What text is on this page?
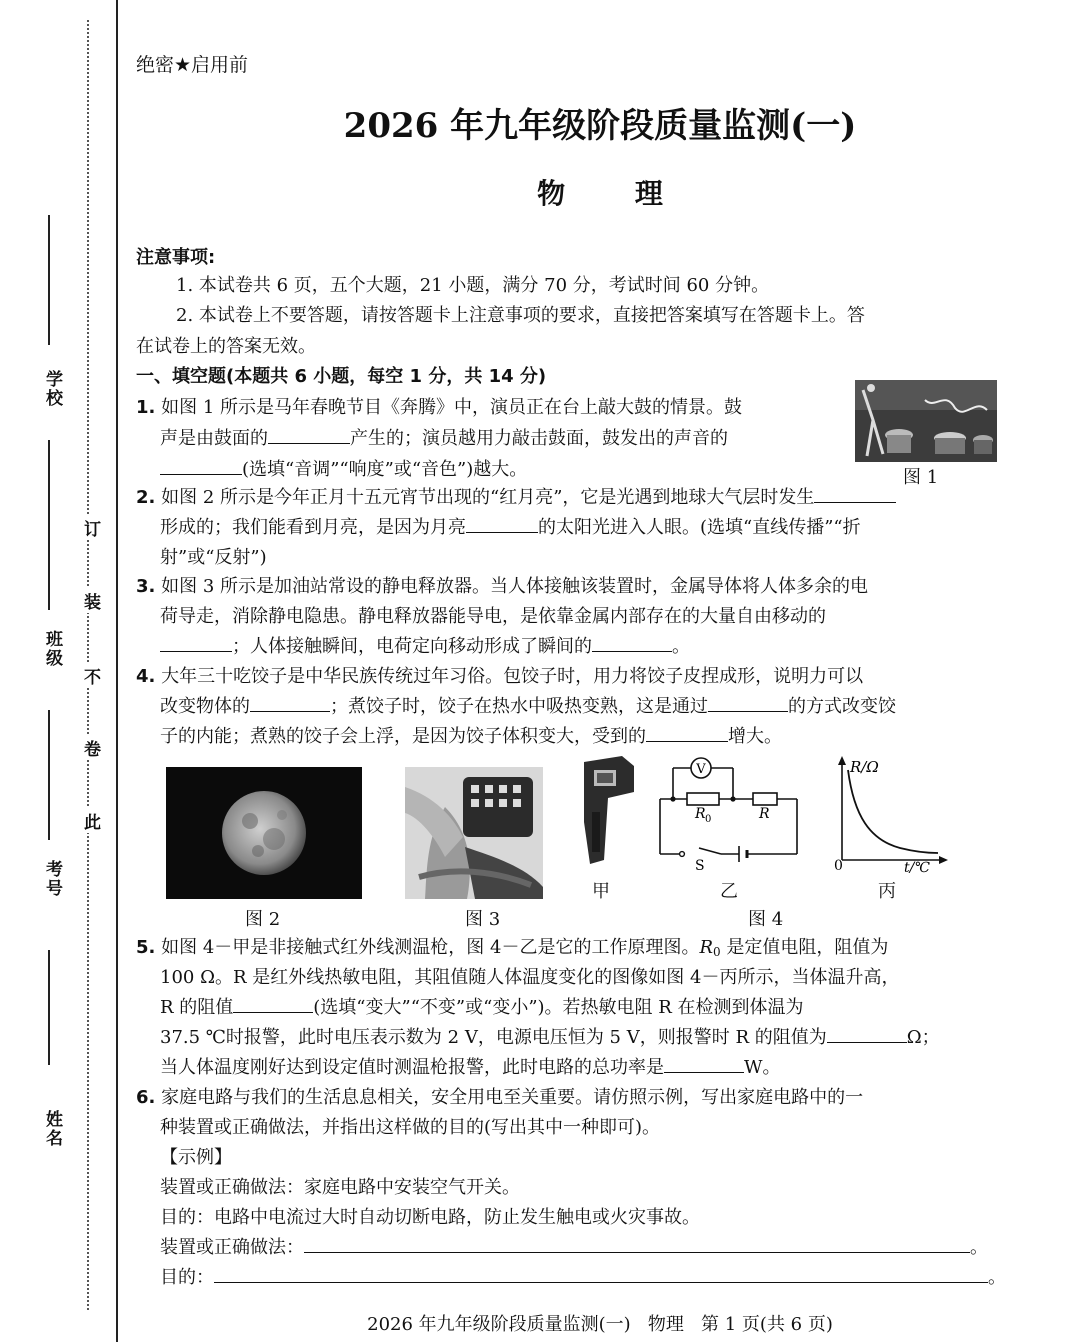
学校
班级
考号
姓名
订
装
不
卷
此
绝密★启用前
2026 年九年级阶段质量监测(一)
物 理
注意事项:
1. 本试卷共 6 页，五个大题，21 小题，满分 70 分，考试时间 60 分钟。
2. 本试卷上不要答题，请按答题卡上注意事项的要求，直接把答案填写在答题卡上。答
在试卷上的答案无效。
一、填空题(本题共 6 小题，每空 1 分，共 14 分)
1. 如图 1 所示是马年春晚节目《奔腾》中，演员正在台上敲大鼓的情景。鼓
声是由鼓面的	产生的；演员越用力敲击鼓面，鼓发出的声音的
(选填“音调”“响度”或“音色”)越大。	图 1
2. 如图 2 所示是今年正月十五元宵节出现的“红月亮”，它是光遇到地球大气层时发生
形成的；我们能看到月亮，是因为月亮	的太阳光进入人眼。(选填“直线传播”“折
射”或“反射”)
3. 如图 3 所示是加油站常设的静电释放器。当人体接触该装置时，金属导体将人体多余的电
荷导走，消除静电隐患。静电释放器能导电，是依靠金属内部存在的大量自由移动的
；人体接触瞬间，电荷定向移动形成了瞬间的	。
4. 大年三十吃饺子是中华民族传统过年习俗。包饺子时，用力将饺子皮捏成形，说明力可以
改变物体的	；煮饺子时，饺子在热水中吸热变熟，这是通过	的方式改变饺
子的内能；煮熟的饺子会上浮，是因为饺子体积变大，受到的	增大。
图 2	图 3
甲
V
R 0	R
S
乙
R/Ω
0	t/℃
丙
图 4
5. 如图 4－甲是非接触式红外线测温枪，图 4－乙是它的工作原理图。$R_0$ 是定值电阻，阻值为
100 Ω。R 是红外线热敏电阻，其阻值随人体温度变化的图像如图 4－丙所示，当体温升高，
R 的阻值	(选填“变大”“不变”或“变小”)。若热敏电阻 R 在检测到体温为
37.5 ℃时报警，此时电压表示数为 2 V，电源电压恒为 5 V，则报警时 R 的阻值为	Ω；
当人体温度刚好达到设定值时测温枪报警，此时电路的总功率是	W。
6. 家庭电路与我们的生活息息相关，安全用电至关重要。请仿照示例，写出家庭电路中的一
种装置或正确做法，并指出这样做的目的(写出其中一种即可)。
【示例】
装置或正确做法：家庭电路中安装空气开关。
目的：电路中电流过大时自动切断电路，防止发生触电或火灾事故。
装置或正确做法：	。
目的：	。
2026 年九年级阶段质量监测(一)   物理   第 1 页(共 6 页)
